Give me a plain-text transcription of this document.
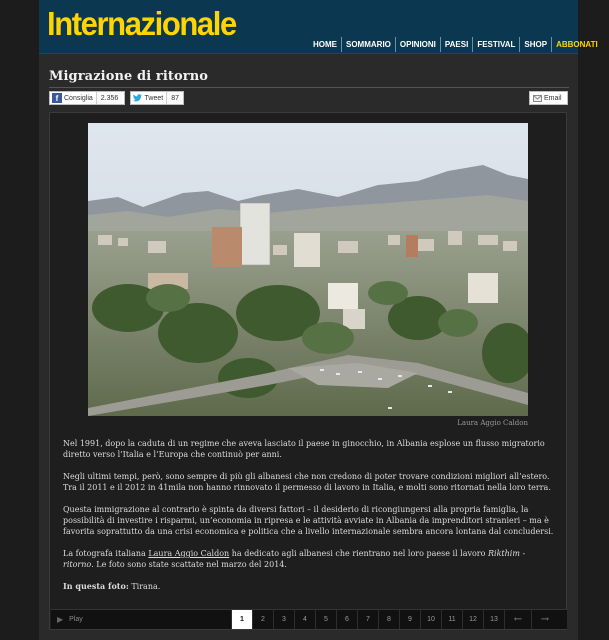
Internazionale
HOME	SOMMARIO	OPINIONI	PAESI	FESTIVAL	SHOP	ABBONATI
Migrazione di ritorno
f Consiglia	2.356	Tweet	87	Email
Laura Aggio Caldon

Nel 1991, dopo la caduta di un regime che aveva lasciato il paese in ginocchio, in Albania esplose un flusso migratorio diretto verso l’Italia e l’Europa che continuò per anni.

Negli ultimi tempi, però, sono sempre di più gli albanesi che non credono di poter trovare condizioni migliori all’estero. Tra il 2011 e il 2012 in 41mila non hanno rinnovato il permesso di lavoro in Italia, e molti sono ritornati nella loro terra.

Questa immigrazione al contrario è spinta da diversi fattori – il desiderio di ricongiungersi alla propria famiglia, la possibilità di investire i risparmi, un’economia in ripresa e le attività avviate in Albania da imprenditori stranieri – ma è favorita soprattutto da una crisi economica e politica che a livello internazionale sembra ancora lontana dal concludersi.

La fotografa italiana Laura Aggio Caldon ha dedicato agli albanesi che rientrano nel loro paese il lavoro Rikthim - ritorno. Le foto sono state scattate nel marzo del 2014.

In questa foto: Tirana.

▶ Play	1	2	3	4	5	6	7	8	9	10	11	12	13	← →
